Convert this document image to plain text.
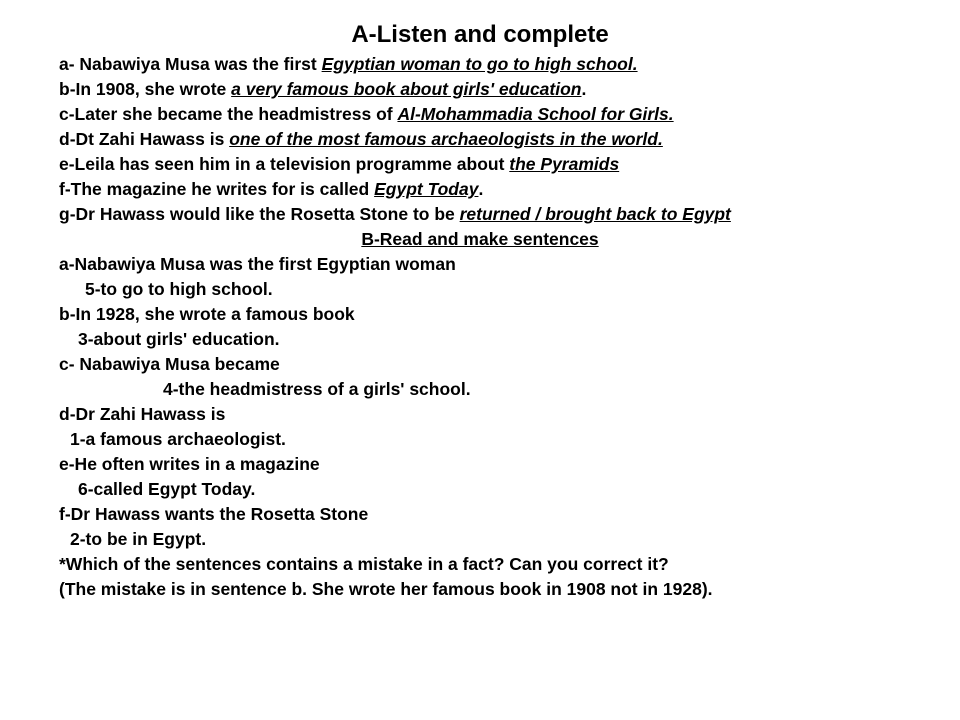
A-Listen and complete
a- Nabawiya Musa was the first Egyptian woman to go to high school.
b-In 1908, she wrote a very famous book about girls' education.
c-Later she became the headmistress of Al-Mohammadia School for Girls.
d-Dt Zahi Hawass is one of the most famous archaeologists in the world.
e-Leila has seen him in a television programme about the Pyramids
f-The magazine he writes for is called Egypt Today.
g-Dr Hawass would like the Rosetta Stone to be returned / brought back to Egypt
B-Read and make sentences
a-Nabawiya Musa was the first Egyptian woman
5-to go to high school.
b-In 1928, she wrote a famous book
3-about girls' education.
c- Nabawiya Musa became
4-the headmistress of a girls' school.
d-Dr Zahi Hawass is
1-a famous archaeologist.
e-He often writes in a magazine
6-called Egypt Today.
f-Dr Hawass wants the Rosetta Stone
2-to be in Egypt.
*Which of the sentences contains a mistake in a fact? Can you correct it?
(The mistake is in sentence b. She wrote her famous book in 1908 not in 1928).
